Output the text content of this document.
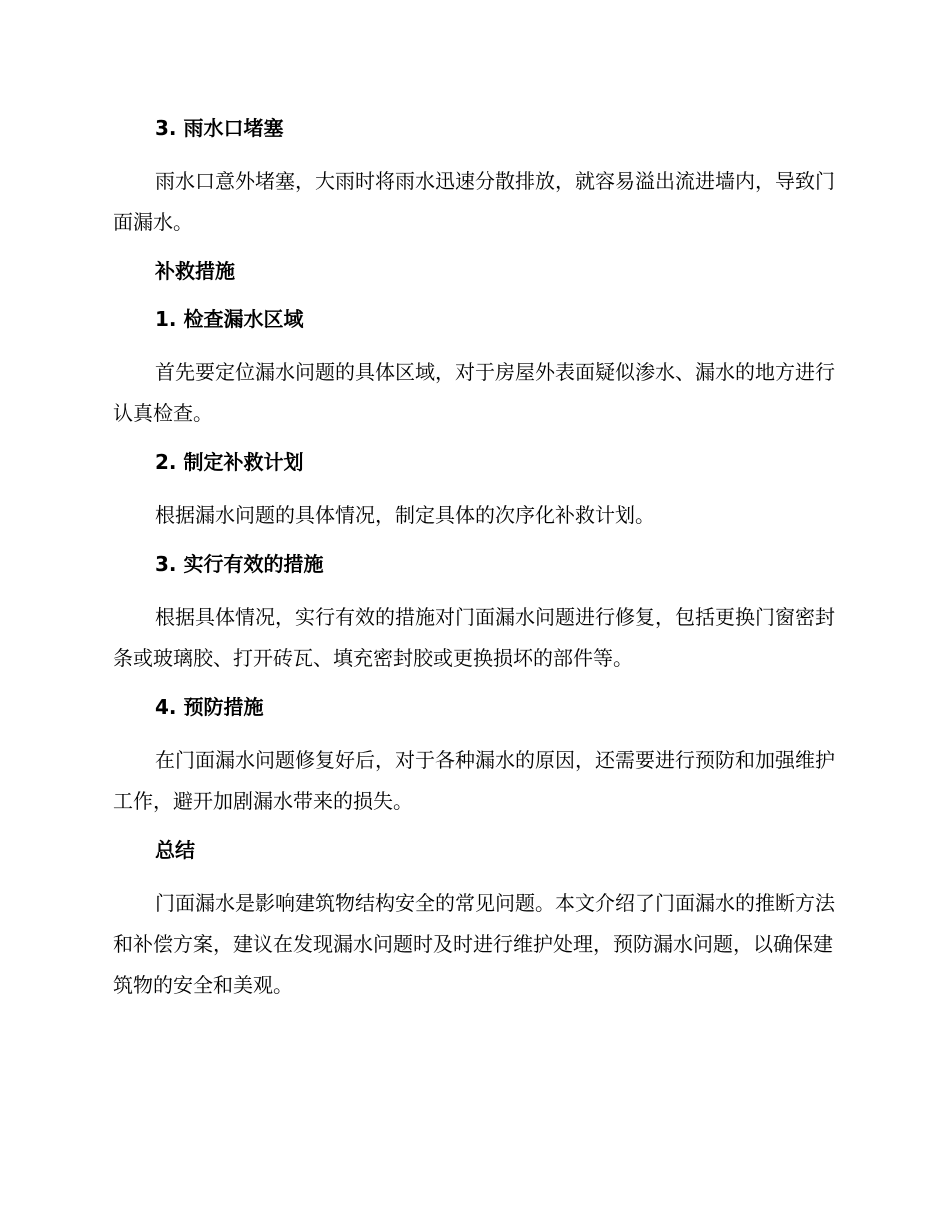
3. 雨水口堵塞

雨水口意外堵塞，大雨时将雨水迅速分散排放，就容易溢出流进墙内，导致门面漏水。

补救措施
1. 检查漏水区域

首先要定位漏水问题的具体区域，对于房屋外表面疑似渗水、漏水的地方进行认真检查。

2. 制定补救计划

根据漏水问题的具体情况，制定具体的次序化补救计划。

3. 实行有效的措施

根据具体情况，实行有效的措施对门面漏水问题进行修复，包括更换门窗密封条或玻璃胶、打开砖瓦、填充密封胶或更换损坏的部件等。

4. 预防措施

在门面漏水问题修复好后，对于各种漏水的原因，还需要进行预防和加强维护工作，避开加剧漏水带来的损失。

总结

门面漏水是影响建筑物结构安全的常见问题。本文介绍了门面漏水的推断方法和补偿方案，建议在发现漏水问题时及时进行维护处理，预防漏水问题，以确保建筑物的安全和美观。
